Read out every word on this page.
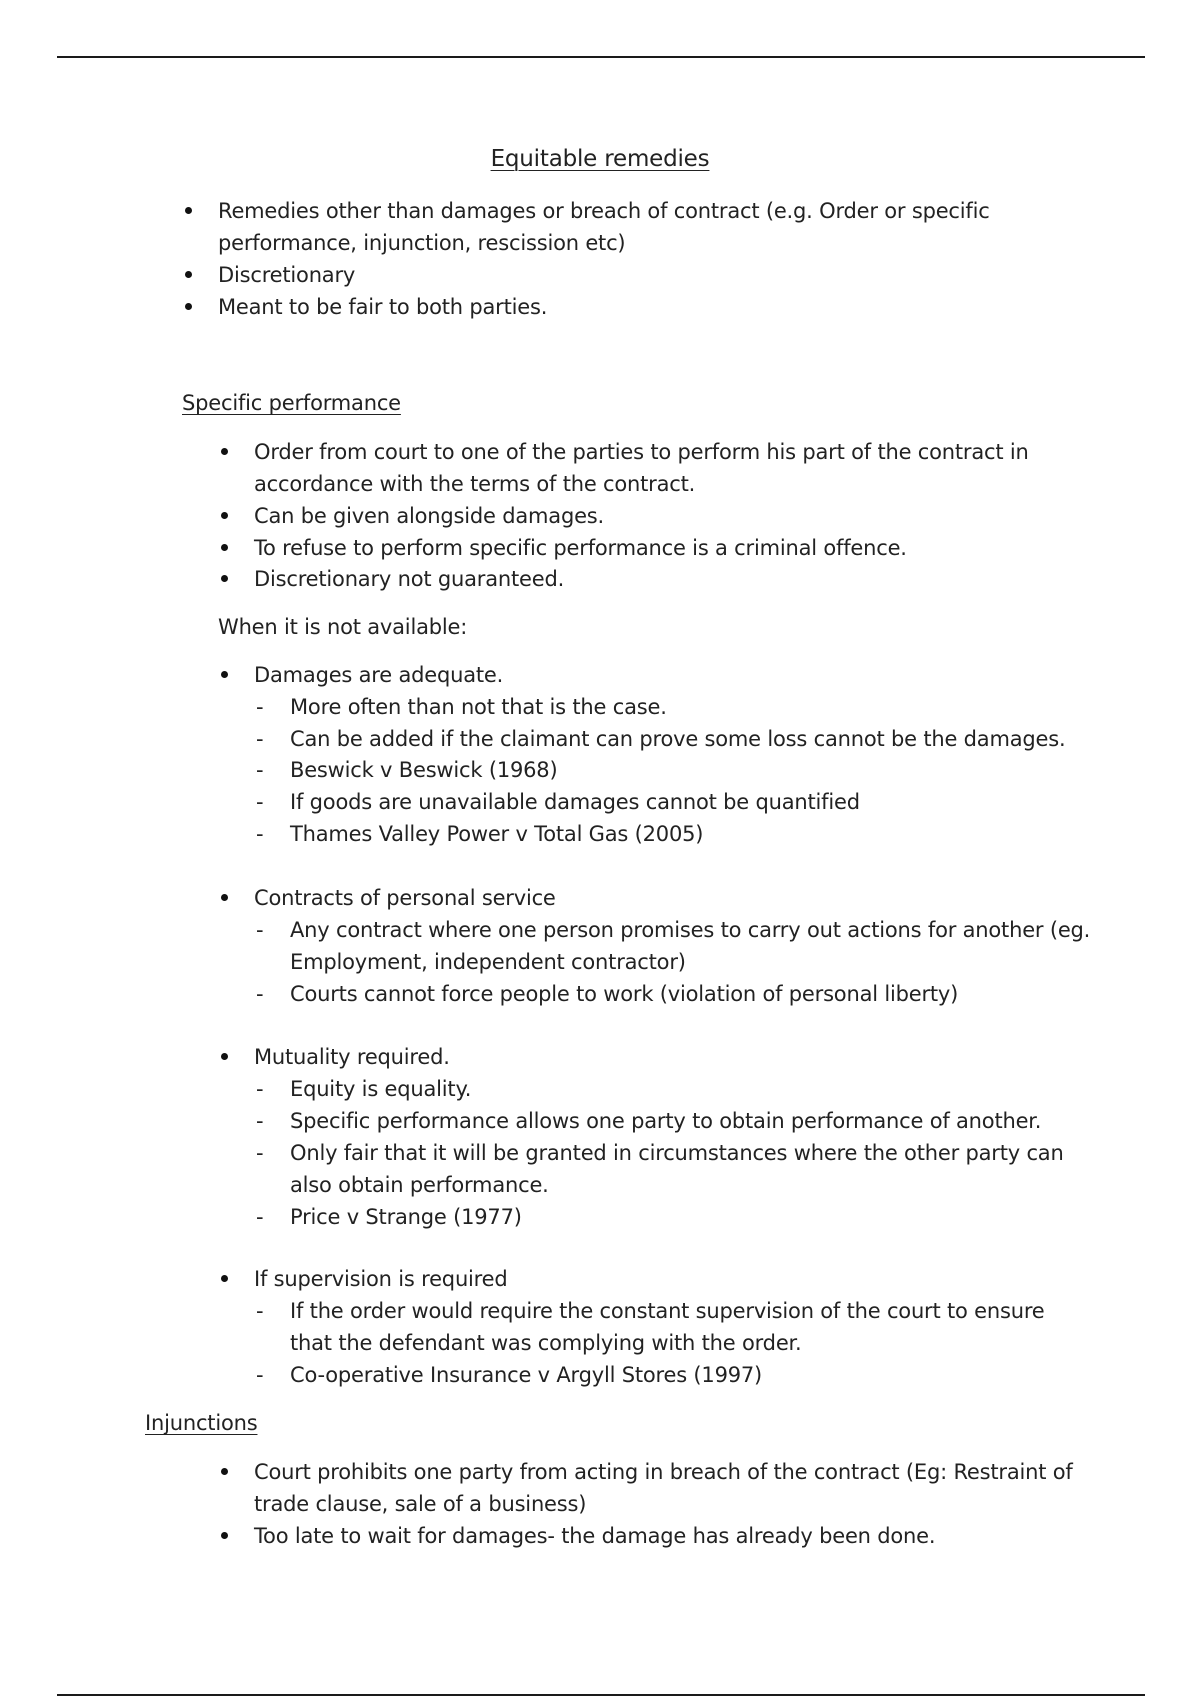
Equitable remedies
Remedies other than damages or breach of contract (e.g. Order or specific
performance, injunction, rescission etc)
Discretionary
Meant to be fair to both parties.
Specific performance
Order from court to one of the parties to perform his part of the contract in
accordance with the terms of the contract.
Can be given alongside damages.
To refuse to perform specific performance is a criminal offence.
Discretionary not guaranteed.
When it is not available:
Damages are adequate.
- More often than not that is the case.
- Can be added if the claimant can prove some loss cannot be the damages.
- Beswick v Beswick (1968)
- If goods are unavailable damages cannot be quantified
- Thames Valley Power v Total Gas (2005)
Contracts of personal service
- Any contract where one person promises to carry out actions for another (eg.
Employment, independent contractor)
- Courts cannot force people to work (violation of personal liberty)
Mutuality required.
- Equity is equality.
- Specific performance allows one party to obtain performance of another.
- Only fair that it will be granted in circumstances where the other party can
also obtain performance.
- Price v Strange (1977)
If supervision is required
- If the order would require the constant supervision of the court to ensure
that the defendant was complying with the order.
- Co-operative Insurance v Argyll Stores (1997)
Injunctions
Court prohibits one party from acting in breach of the contract (Eg: Restraint of
trade clause, sale of a business)
Too late to wait for damages- the damage has already been done.
